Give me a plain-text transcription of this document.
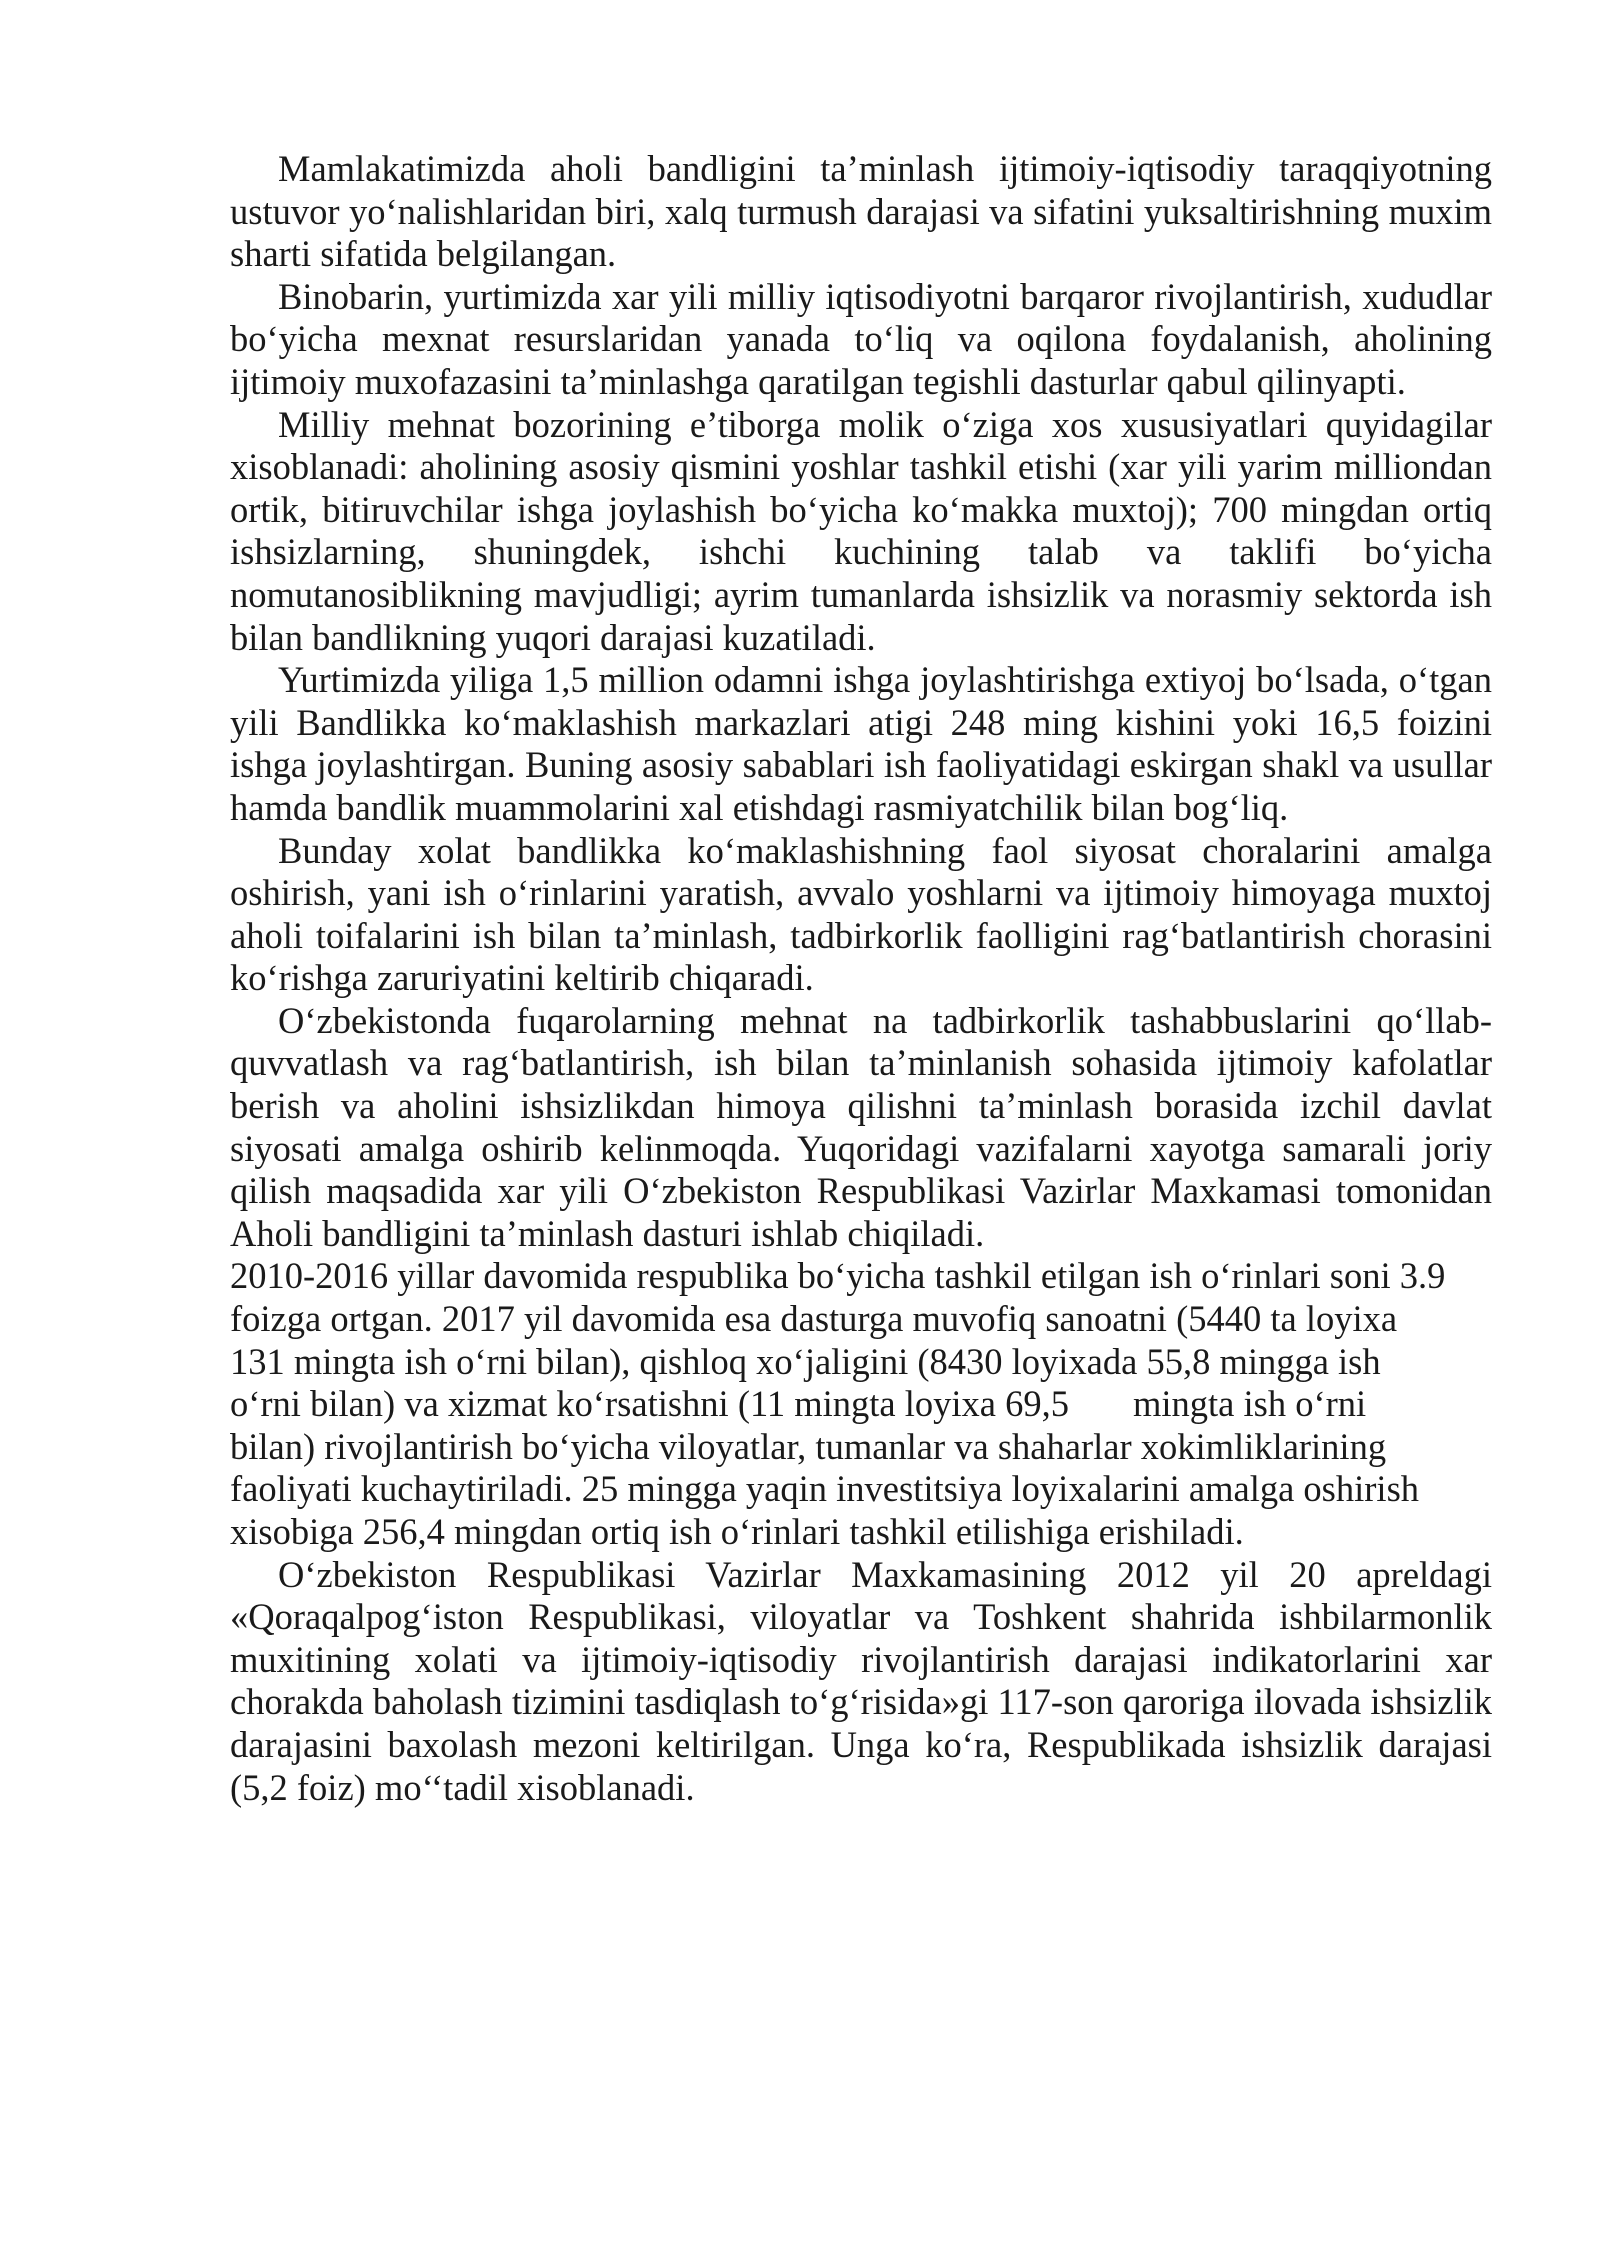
Mamlakatimizda aholi bandligini ta’minlash ijtimoiy-iqtisodiy taraqqiyotning ustuvor yo‘nalishlaridan biri, xalq turmush darajasi va sifatini yuksaltirishning muxim sharti sifatida belgilangan.

Binobarin, yurtimizda xar yili milliy iqtisodiyotni barqaror rivojlantirish, xududlar bo‘yicha mexnat resurslaridan yanada to‘liq va oqilona foydalanish, aholining ijtimoiy muxofazasini ta’minlashga qaratilgan tegishli dasturlar qabul qilinyapti.

Milliy mehnat bozorining e’tiborga molik o‘ziga xos xususiyatlari quyidagilar xisoblanadi: aholining asosiy qismini yoshlar tashkil etishi (xar yili yarim milliondan ortik, bitiruvchilar ishga joylashish bo‘yicha ko‘makka muxtoj); 700 mingdan ortiq ishsizlarning, shuningdek, ishchi kuchining talab va taklifi bo‘yicha nomutanosiblikning mavjudligi; ayrim tumanlarda ishsizlik va norasmiy sektorda ish bilan bandlikning yuqori darajasi kuzatiladi.

Yurtimizda yiliga 1,5 million odamni ishga joylashtirishga extiyoj bo‘lsada, o‘tgan yili Bandlikka ko‘maklashish markazlari atigi 248 ming kishini yoki 16,5 foizini ishga joylashtirgan. Buning asosiy sabablari ish faoliyatidagi eskirgan shakl va usullar hamda bandlik muammolarini xal etishdagi rasmiyatchilik bilan bog‘liq.

Bunday xolat bandlikka ko‘maklashishning faol siyosat choralarini amalga oshirish, yani ish o‘rinlarini yaratish, avvalo yoshlarni va ijtimoiy himoyaga muxtoj aholi toifalarini ish bilan ta’minlash, tadbirkorlik faolligini rag‘batlantirish chorasini ko‘rishga zaruriyatini keltirib chiqaradi.

O‘zbekistonda fuqarolarning mehnat na tadbirkorlik tashabbuslarini qo‘llab-quvvatlash va rag‘batlantirish, ish bilan ta’minlanish sohasida ijtimoiy kafolatlar berish va aholini ishsizlikdan himoya qilishni ta’minlash borasida izchil davlat siyosati amalga oshirib kelinmoqda. Yuqoridagi vazifalarni xayotga samarali joriy qilish maqsadida xar yili O‘zbekiston Respublikasi Vazirlar Maxkamasi tomonidan Aholi bandligini ta’minlash dasturi ishlab chiqiladi.

2010-2016 yillar davomida respublika bo‘yicha tashkil etilgan ish o‘rinlari soni 3.9
foizga ortgan. 2017 yil davomida esa dasturga muvofiq sanoatni (5440 ta loyixa
131 mingta ish o‘rni bilan), qishloq xo‘jaligini (8430 loyixada 55,8 mingga ish
o‘rni bilan) va xizmat ko‘rsatishni (11 mingta loyixa 69,5 mingta ish o‘rni
bilan) rivojlantirish bo‘yicha viloyatlar, tumanlar va shaharlar xokimliklarining
faoliyati kuchaytiriladi. 25 mingga yaqin investitsiya loyixalarini amalga oshirish
xisobiga 256,4 mingdan ortiq ish o‘rinlari tashkil etilishiga erishiladi.

O‘zbekiston Respublikasi Vazirlar Maxkamasining 2012 yil 20 apreldagi «Qoraqalpog‘iston Respublikasi, viloyatlar va Toshkent shahrida ishbilarmonlik muxitining xolati va ijtimoiy-iqtisodiy rivojlantirish darajasi indikatorlarini xar chorakda baholash tizimini tasdiqlash to‘g‘risida»gi 117-son qaroriga ilovada ishsizlik darajasini baxolash mezoni keltirilgan. Unga ko‘ra, Respublikada ishsizlik darajasi (5,2 foiz) mo‘‘tadil xisoblanadi.
